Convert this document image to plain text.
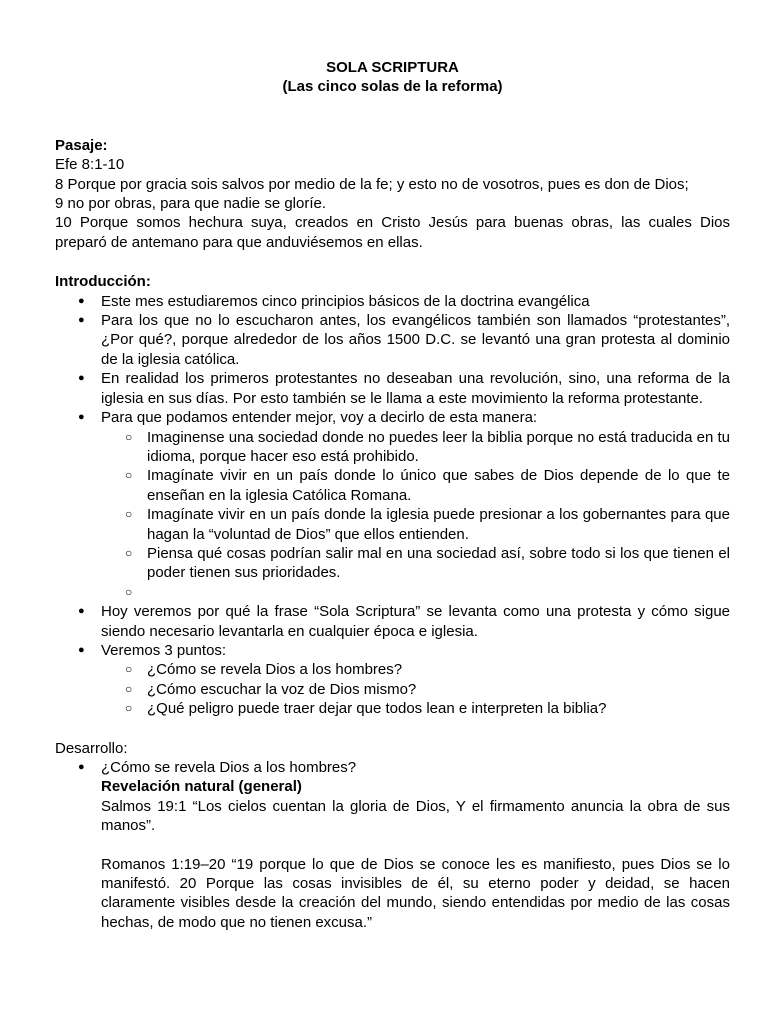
SOLA SCRIPTURA

(Las cinco solas de la reforma)

Pasaje:

Efe 8:1-10

8 Porque por gracia sois salvos por medio de la fe; y esto no de vosotros, pues es don de Dios;

9 no por obras, para que nadie se gloríe.

10 Porque somos hechura suya, creados en Cristo Jesús para buenas obras, las cuales Dios preparó de antemano para que anduviésemos en ellas.

Introducción:

● Este mes estudiaremos cinco principios básicos de la doctrina evangélica
● Para los que no lo escucharon antes, los evangélicos también son llamados “protestantes”, ¿Por qué?, porque alrededor de los años 1500 D.C. se levantó una gran protesta al dominio de la iglesia católica.
● En realidad los primeros protestantes no deseaban una revolución, sino, una reforma de la iglesia en sus días. Por esto también se le llama a este movimiento la reforma protestante.
● Para que podamos entender mejor, voy a decirlo de esta manera:
○ Imaginense una sociedad donde no puedes leer la biblia porque no está traducida en tu idioma, porque hacer eso está prohibido.
○ Imagínate vivir en un país donde lo único que sabes de Dios depende de lo que te enseñan en la iglesia Católica Romana.
○ Imagínate vivir en un país donde la iglesia puede presionar a los gobernantes para que hagan la “voluntad de Dios” que ellos entienden.
○ Piensa qué cosas podrían salir mal en una sociedad así, sobre todo si los que tienen el poder tienen sus prioridades.
○
● Hoy veremos por qué la frase “Sola Scriptura” se levanta como una protesta y cómo sigue siendo necesario levantarla en cualquier época e iglesia.
● Veremos 3 puntos:
○ ¿Cómo se revela Dios a los hombres?
○ ¿Cómo escuchar la voz de Dios mismo?
○ ¿Qué peligro puede traer dejar que todos lean e interpreten la biblia?

Desarrollo:

● ¿Cómo se revela Dios a los hombres?
Revelación natural (general)
Salmos 19:1 “Los cielos cuentan la gloria de Dios, Y el firmamento anuncia la obra de sus manos”.
Romanos 1:19–20 “19 porque lo que de Dios se conoce les es manifiesto, pues Dios se lo manifestó. 20 Porque las cosas invisibles de él, su eterno poder y deidad, se hacen claramente visibles desde la creación del mundo, siendo entendidas por medio de las cosas hechas, de modo que no tienen excusa.”
